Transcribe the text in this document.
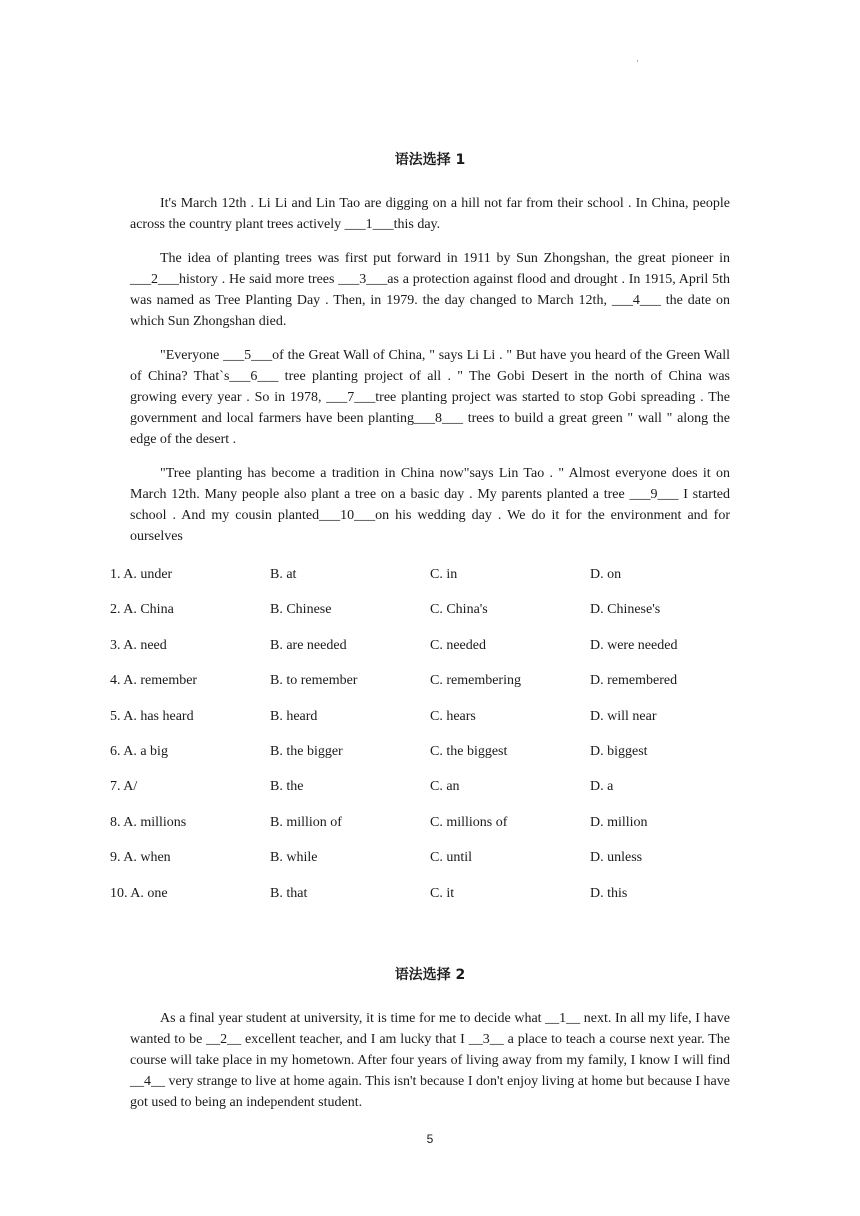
·
语法选择 1

It's March 12th . Li Li and Lin Tao are digging on a hill not far from their school . In China, people across the country plant trees actively ___1___this day.

The idea of planting trees was first put forward in 1911 by Sun Zhongshan, the great pioneer in ___2___history . He said more trees ___3___as a protection against flood and drought . In 1915, April 5th was named as Tree Planting Day . Then, in 1979. the day changed to March 12th, ___4___ the date on which Sun Zhongshan died.

"Everyone ___5___of the Great Wall of China, " says Li Li . " But have you heard of the Green Wall of China? That`s___6___ tree planting project of all . " The Gobi Desert in the north of China was growing every year . So in 1978, ___7___tree planting project was started to stop Gobi spreading . The government and local farmers have been planting___8___ trees to build a great green " wall " along the edge of the desert .

"Tree planting has become a tradition in China now"says Lin Tao . " Almost everyone does it on March 12th. Many people also plant a tree on a basic day . My parents planted a tree ___9___ I started school . And my cousin planted___10___on his wedding day . We do it for the environment and for ourselves

1. A. under	B. at	C. in	D. on
2. A. China	B. Chinese	C. China's	D. Chinese's
3. A. need	B. are needed	C. needed	D. were needed
4. A. remember	B. to remember	C. remembering	D. remembered
5. A. has heard	B. heard	C. hears	D. will near
6. A. a big	B. the bigger	C. the biggest	D. biggest
7. A/	B. the	C. an	D. a
8. A. millions	B. million of	C. millions of	D. million
9. A. when	B. while	C. until	D. unless
10. A. one	B. that	C. it	D. this
语法选择 2

As a final year student at university, it is time for me to decide what __1__ next. In all my life, I have wanted to be __2__ excellent teacher, and I am lucky that I __3__ a place to teach a course next year. The course will take place in my hometown. After four years of living away from my family, I know I will find __4__ very strange to live at home again. This isn't because I don't enjoy living at home but because I have got used to being an independent student.

5
